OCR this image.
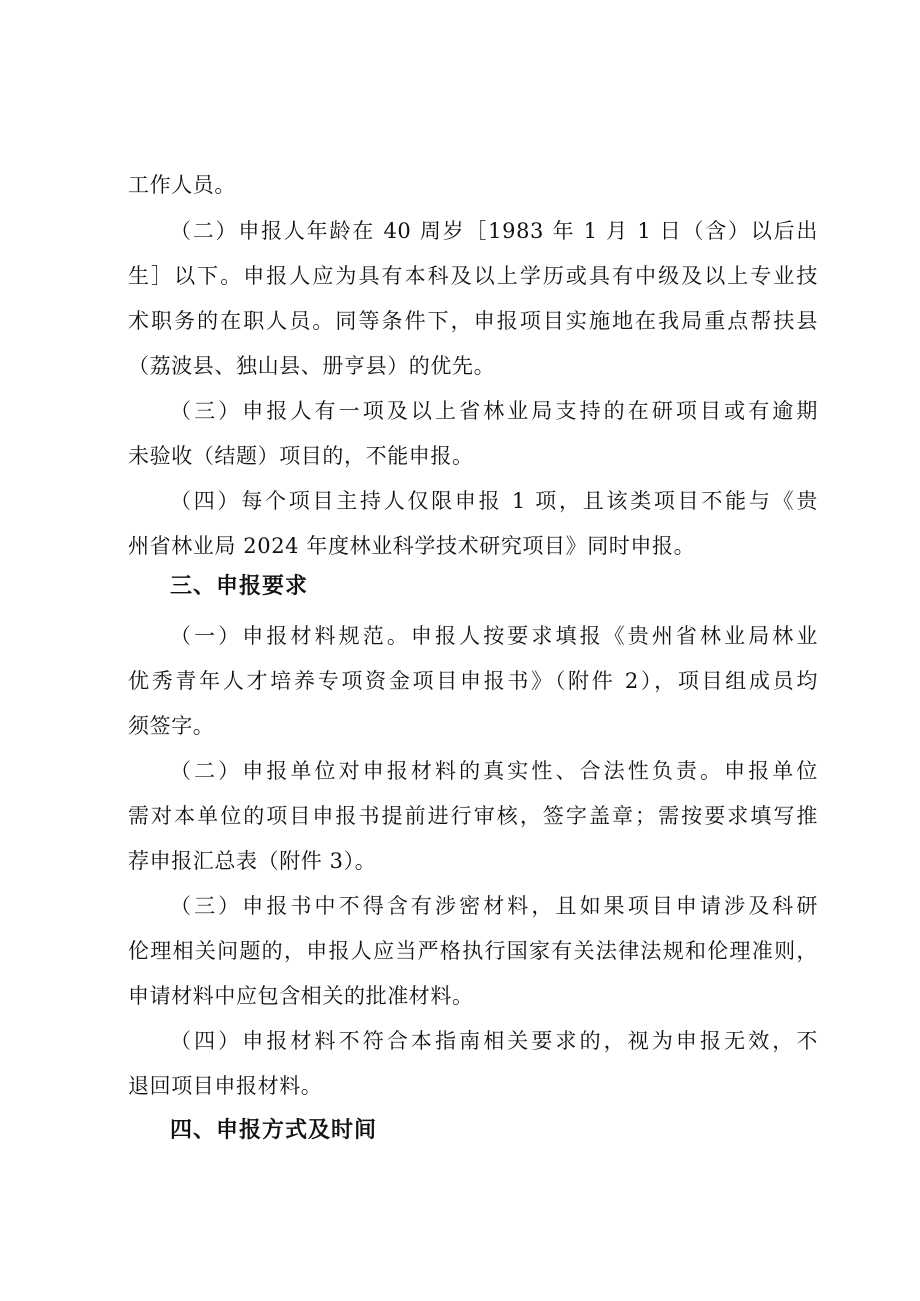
工作人员。
（二）申报人年龄在 40 周岁［1983 年 1 月 1 日（含）以后出
生］以下。申报人应为具有本科及以上学历或具有中级及以上专业技
术职务的在职人员。同等条件下，申报项目实施地在我局重点帮扶县
（荔波县、独山县、册亨县）的优先。
（三）申报人有一项及以上省林业局支持的在研项目或有逾期
未验收（结题）项目的，不能申报。
（四）每个项目主持人仅限申报 1 项，且该类项目不能与《贵
州省林业局 2024 年度林业科学技术研究项目》同时申报。
三、申报要求
（一）申报材料规范。申报人按要求填报《贵州省林业局林业
优秀青年人才培养专项资金项目申报书》（附件 2），项目组成员均
须签字。
（二）申报单位对申报材料的真实性、合法性负责。申报单位
需对本单位的项目申报书提前进行审核，签字盖章；需按要求填写推
荐申报汇总表（附件 3）。
（三）申报书中不得含有涉密材料，且如果项目申请涉及科研
伦理相关问题的，申报人应当严格执行国家有关法律法规和伦理准则，
申请材料中应包含相关的批准材料。
（四）申报材料不符合本指南相关要求的，视为申报无效，不
退回项目申报材料。
四、申报方式及时间
